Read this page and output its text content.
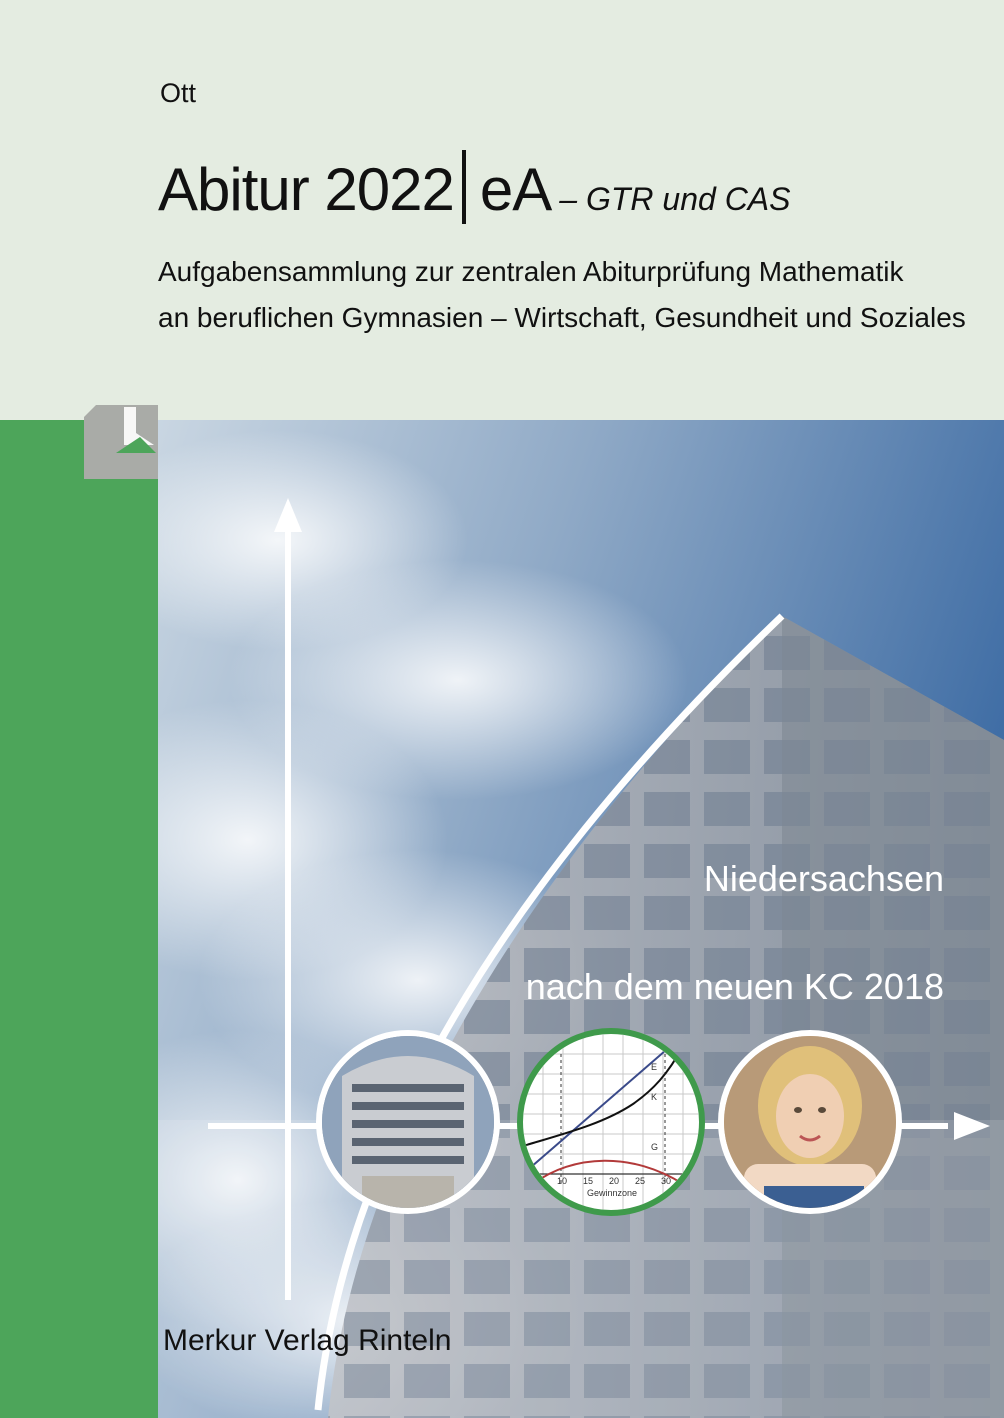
Ott
Abitur 2022 eA – GTR und CAS
Aufgabensammlung zur zentralen Abiturprüfung Mathematik
an beruflichen Gymnasien – Wirtschaft, Gesundheit und Soziales
Niedersachsen
nach dem neuen KC 2018
E
K
G
10 15 20 25 30
Gewinnzone
Merkur Verlag Rinteln
